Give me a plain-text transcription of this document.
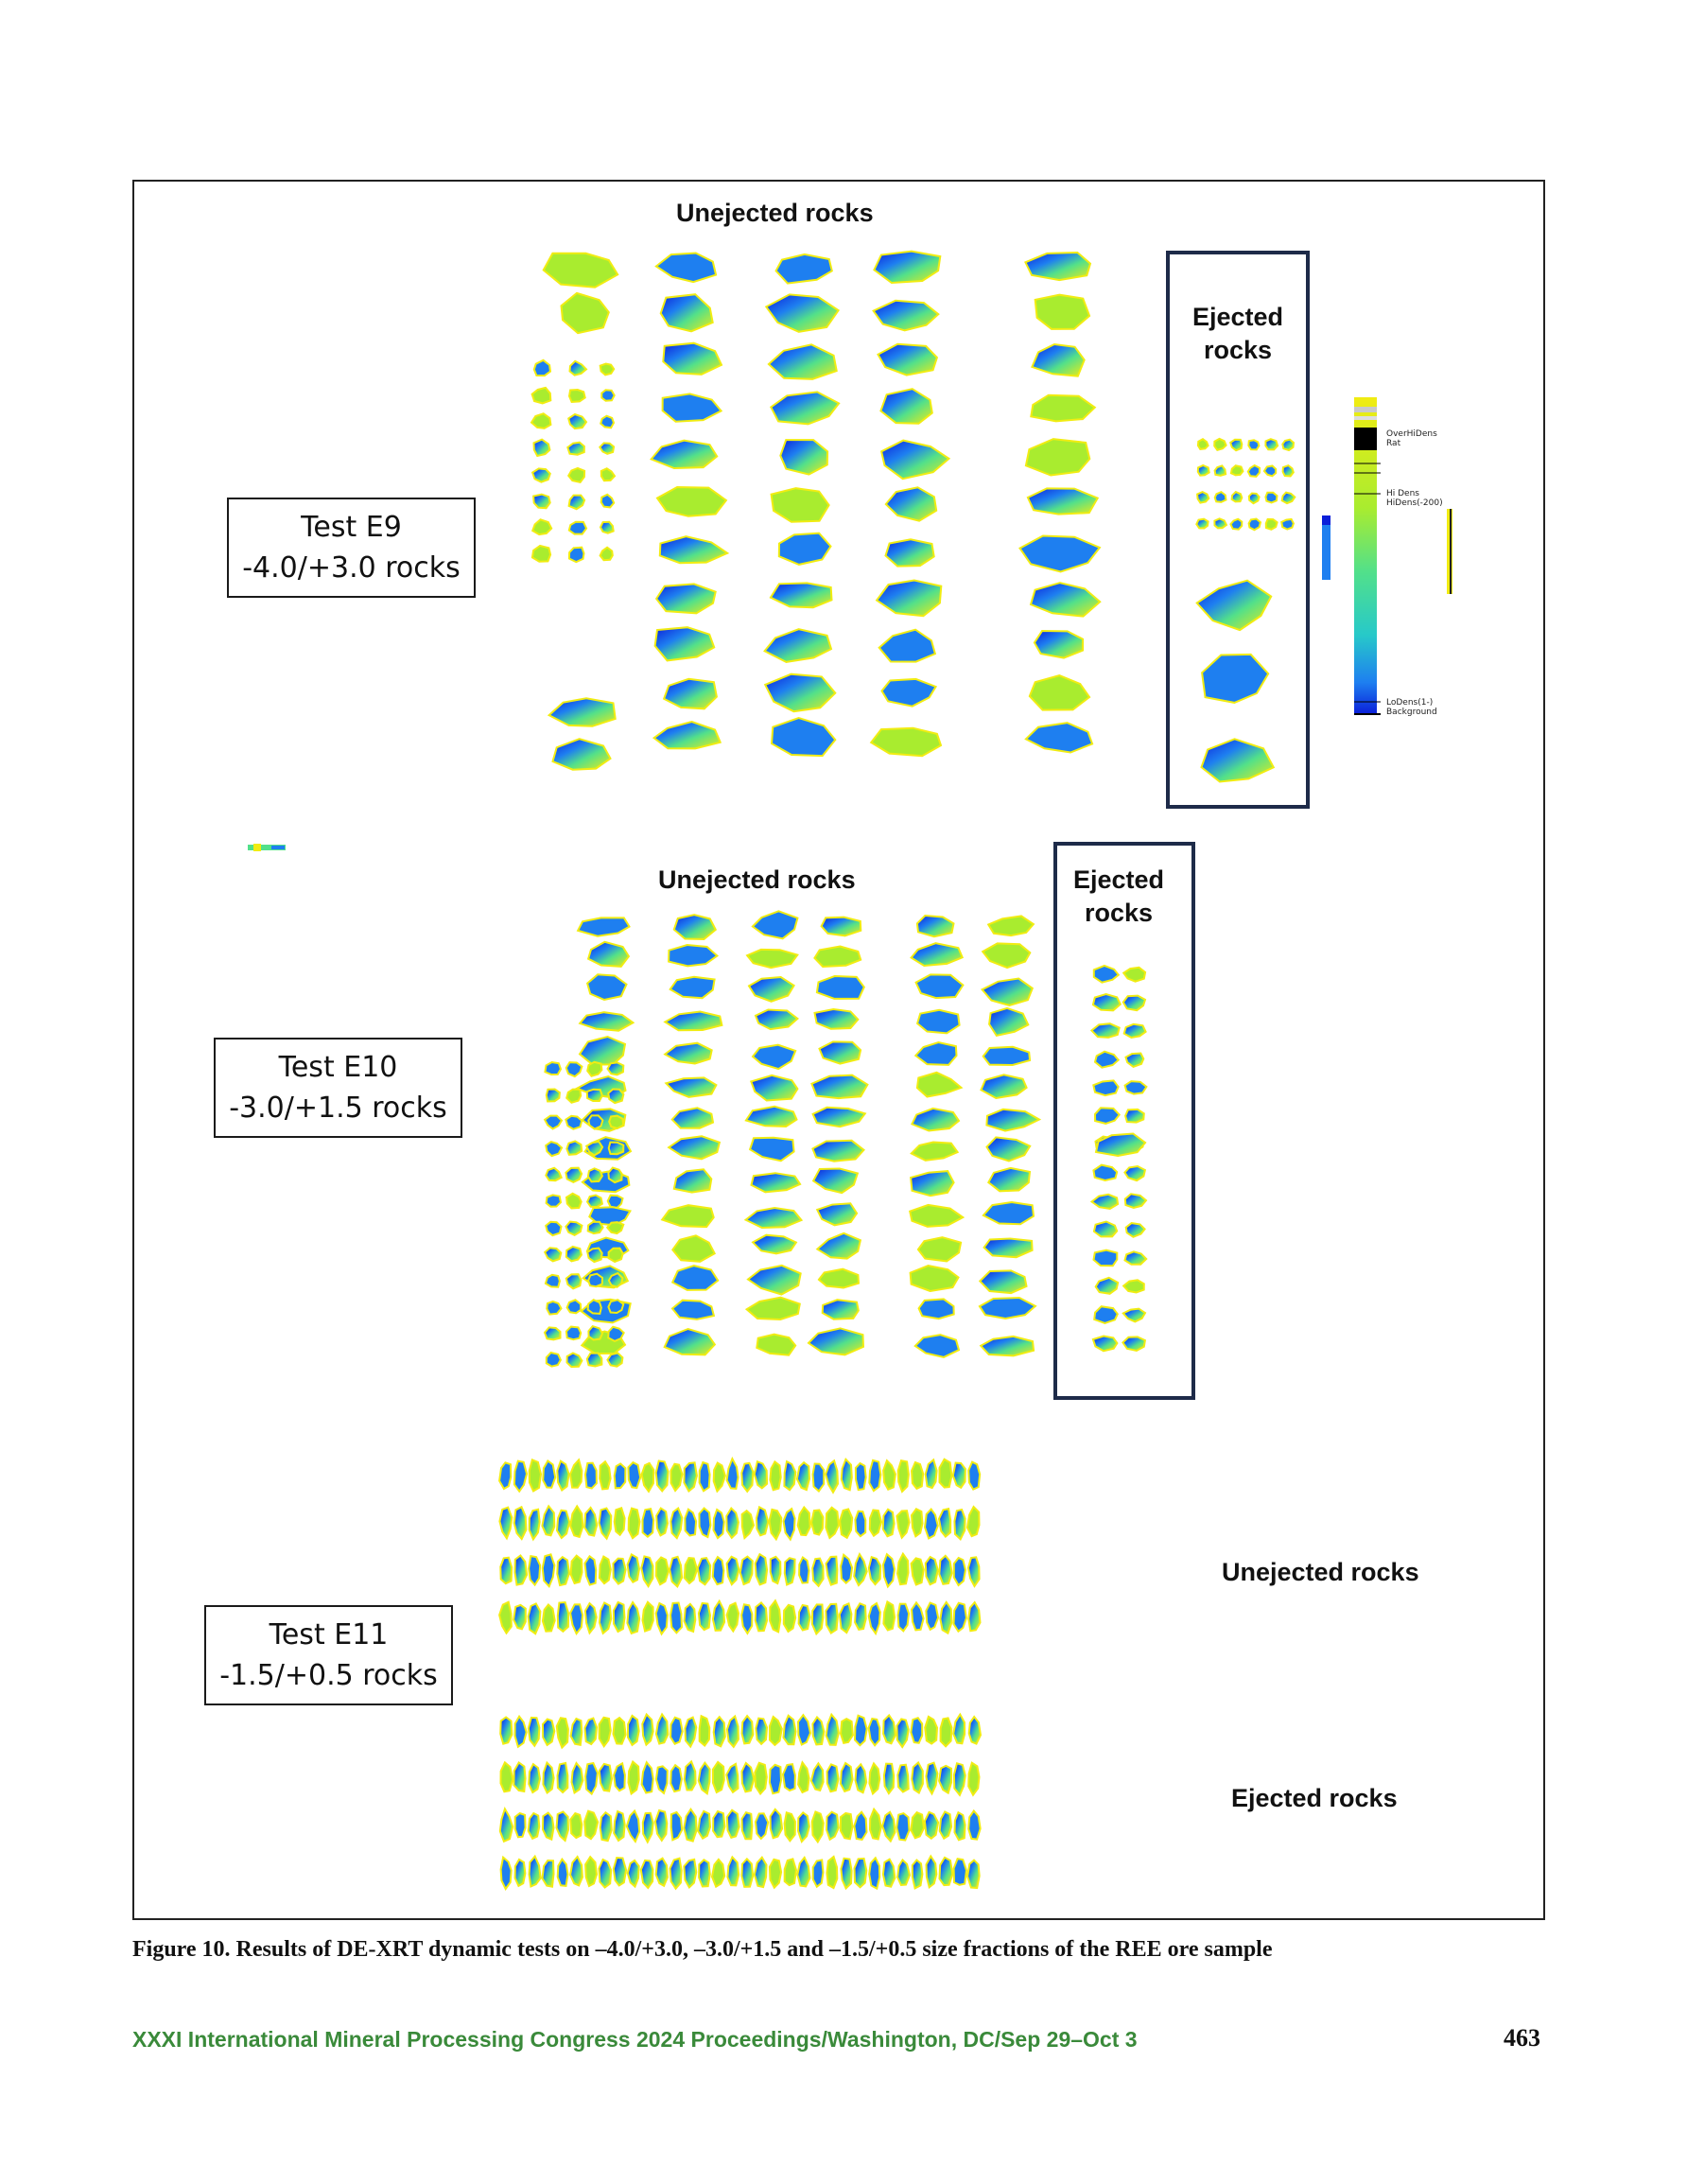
Unejected rocks
Ejected
rocks
Test E9
-4.0/+3.0 rocks
OverHiDens
Rat
Hi Dens
HiDens(-200)
LoDens(1-)
Background
Unejected rocks	Ejected
rocks
Test E10
-3.0/+1.5 rocks
Unejected rocks
Ejected rocks
Test E11
-1.5/+0.5 rocks
Figure 10. Results of DE-XRT dynamic tests on –4.0/+3.0, –3.0/+1.5 and –1.5/+0.5 size fractions of the REE ore sample
XXXI International Mineral Processing Congress 2024 Proceedings/Washington, DC/Sep 29–Oct 3	463
